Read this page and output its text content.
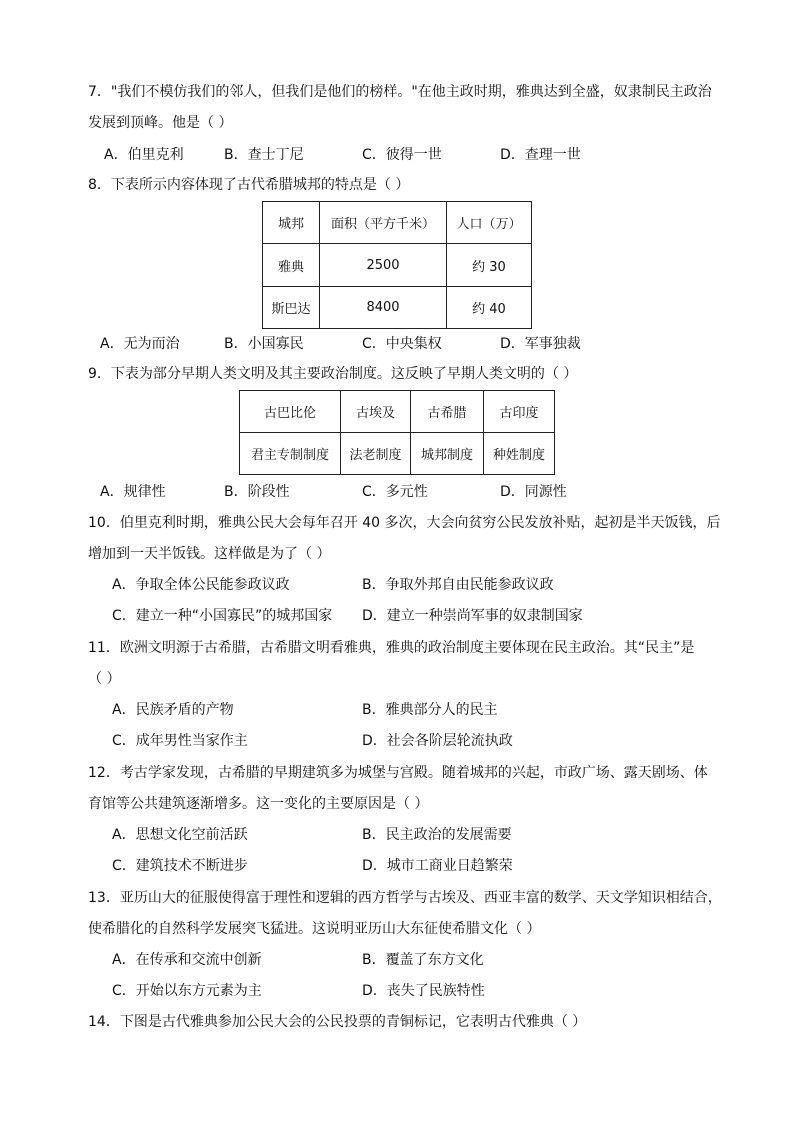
7．"我们不模仿我们的邻人，但我们是他们的榜样。"在他主政时期，雅典达到全盛，奴隶制民主政治
发展到顶峰。他是（ ）
A．伯里克利	B．查士丁尼	C．彼得一世	D．查理一世
8．下表所示内容体现了古代希腊城邦的特点是（ ）
城邦	面积（平方千米）	人口（万）
雅典	2500	约 30
斯巴达	8400	约 40
A．无为而治	B．小国寡民	C．中央集权	D．军事独裁
9．下表为部分早期人类文明及其主要政治制度。这反映了早期人类文明的（ ）
古巴比伦	古埃及	古希腊	古印度
君主专制制度	法老制度	城邦制度	种姓制度
A．规律性	B．阶段性	C．多元性	D．同源性
10．伯里克利时期，雅典公民大会每年召开 40 多次，大会向贫穷公民发放补贴，起初是半天饭钱，后
增加到一天半饭钱。这样做是为了（ ）
A．争取全体公民能参政议政	B．争取外邦自由民能参政议政
C．建立一种“小国寡民”的城邦国家 D．建立一种崇尚军事的奴隶制国家
11．欧洲文明源于古希腊，古希腊文明看雅典，雅典的政治制度主要体现在民主政治。其“民主”是
（ ）
A．民族矛盾的产物	B．雅典部分人的民主
C．成年男性当家作主	D．社会各阶层轮流执政
12．考古学家发现，古希腊的早期建筑多为城堡与宫殿。随着城邦的兴起，市政广场、露天剧场、体
育馆等公共建筑逐渐增多。这一变化的主要原因是（ ）
A．思想文化空前活跃	B．民主政治的发展需要
C．建筑技术不断进步	D．城市工商业日趋繁荣
13．亚历山大的征服使得富于理性和逻辑的西方哲学与古埃及、西亚丰富的数学、天文学知识相结合，
使希腊化的自然科学发展突飞猛进。这说明亚历山大东征使希腊文化（ ）
A．在传承和交流中创新	B．覆盖了东方文化
C．开始以东方元素为主	D．丧失了民族特性
14．下图是古代雅典参加公民大会的公民投票的青铜标记，它表明古代雅典（ ）
